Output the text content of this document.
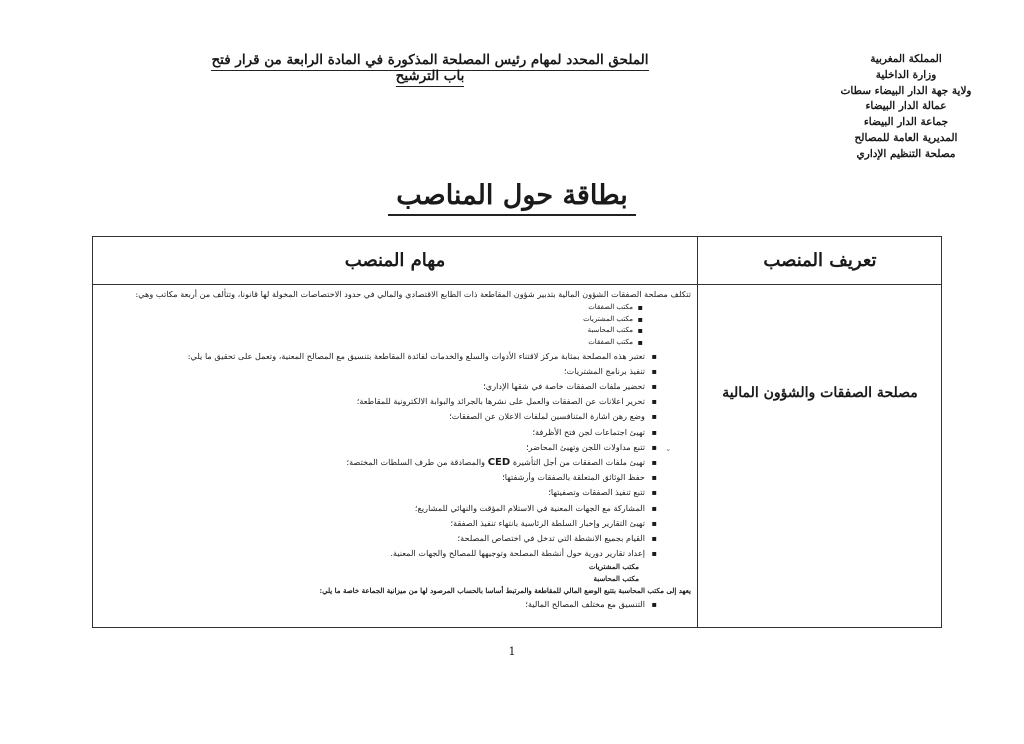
الملحق المحدد لمهام رئيس المصلحة المذكورة في المادة الرابعة من قرار فتح باب الترشيح
المملكة المغربية
وزارة الداخلية
ولاية جهة الدار البيضاء سطات
عمالة الدار البيضاء
جماعة الدار البيضاء
المديرية العامة للمصالح
مصلحة التنظيم الإداري
بطاقة حول المناصب
مهام المنصب	تعريف المنصب
مصلحة الصفقات والشؤون المالية
تتكلف مصلحة الصفقات الشؤون المالية بتدبير شؤون المقاطعة ذات الطابع الاقتصادي والمالي في حدود الاختصاصات المخولة لها قانونا، وتتألف من أربعة مكاتب وهي:
▪ مكتب الصفقات
▪ مكتب المشتريات
▪ مكتب المحاسبة
▪ مكتب الصفقات
▪ تعتبر هذه المصلحة بمثابة مركز لاقتناء الأدوات والسلع والخدمات لفائدة المقاطعة بتنسيق مع المصالح المعنية، وتعمل على تحقيق ما يلي:
▪ تنفيذ برنامج المشتريات؛
▪ تحضير ملفات الصفقات خاصة في شقها الإداري؛
▪ تحرير اعلانات عن الصفقات والعمل على نشرها بالجرائد والبوابة الالكترونية للمقاطعة؛
▪ وضع رهن اشارة المتنافسين لملفات الاعلان عن الصفقات؛
▪ تهيئ اجتماعات لجن فتح الأظرفة؛
▪ تتبع مداولات اللجن وتهيئ المحاضر؛
▪ تهيئ ملفات الصفقات من أجل التأشيرة CED والمصادقة من طرف السلطات المختصة؛
▪ حفظ الوثائق المتعلقة بالصفقات وأرشفتها؛
▪ تتبع تنفيذ الصفقات وتصفيتها؛
▪ المشاركة مع الجهات المعنية في الاستلام المؤقت والنهائي للمشاريع؛
▪ تهيئ التقارير وإخبار السلطة الرئاسية بانتهاء تنفيذ الصفقة؛
▪ القيام بجميع الانشطة التي تدخل في اختصاص المصلحة؛
▪ إعداد تقارير دورية حول أنشطة المصلحة وتوجيهها للمصالح والجهات المعنية.
مكتب المشتريات
مكتب المحاسبة
يعهد إلى مكتب المحاسبة بتتبع الوضع المالي للمقاطعة والمرتبط أساسا بالحساب المرصود لها من ميزانية الجماعة خاصة ما يلي:
▪ التنسيق مع مختلف المصالح المالية؛
ˇ
1
